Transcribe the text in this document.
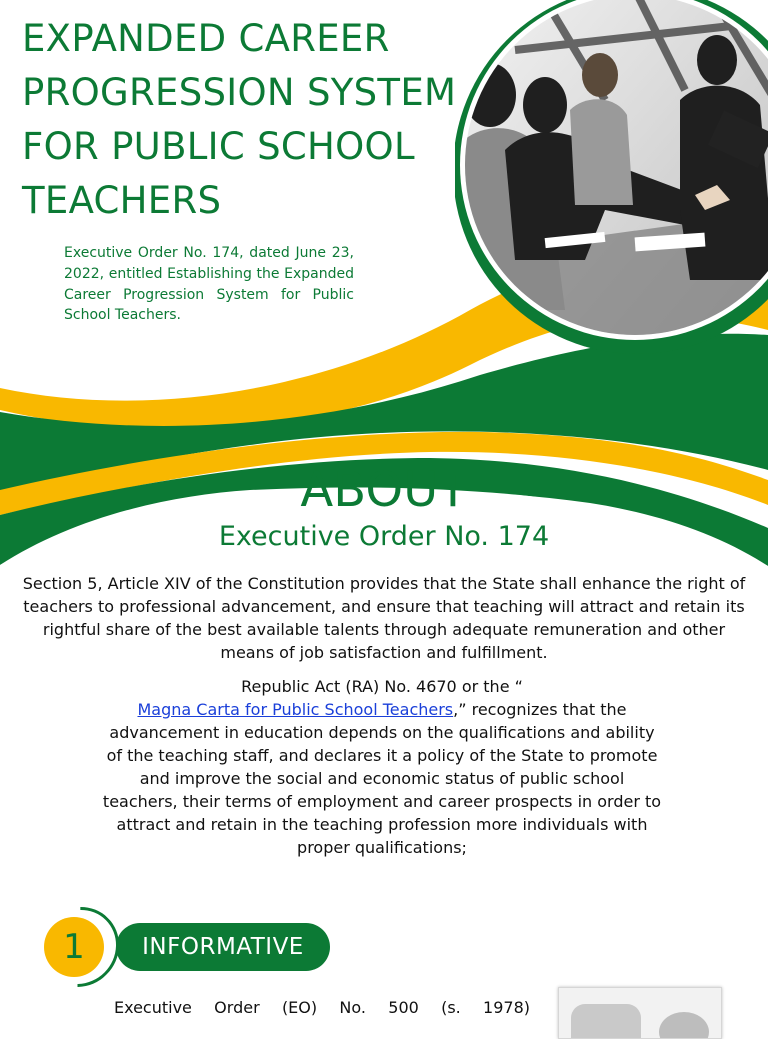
EXPANDED CAREER PROGRESSION SYSTEM FOR PUBLIC SCHOOL TEACHERS

Executive Order No. 174, dated June 23, 2022, entitled Establishing the Expanded Career Progression System for Public School Teachers.

ABOUT
Executive Order No. 174

Section 5, Article XIV of the Constitution provides that the State shall enhance the right of teachers to professional advancement, and ensure that teaching will attract and retain its rightful share of the best available talents through adequate remuneration and other means of job satisfaction and fulfillment.

Republic Act (RA) No. 4670 or the “
Magna Carta for Public School Teachers,” recognizes that the advancement in education depends on the qualifications and ability of the teaching staff, and declares it a policy of the State to promote and improve the social and economic status of public school teachers, their terms of employment and career prospects in order to attract and retain in the teaching profession more individuals with proper qualifications;

1	INFORMATIVE

Executive Order (EO) No. 500 (s. 1978)
